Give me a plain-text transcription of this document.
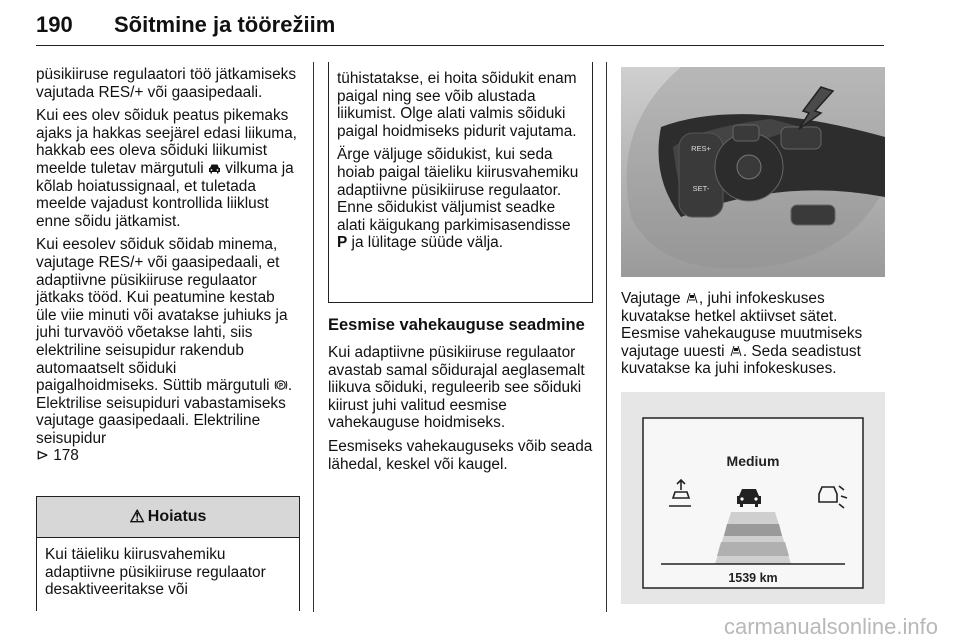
190 Sõitmine ja töörežiim

püsikiiruse regulaatori töö jätkamiseks vajutada RES/+ või gaasipedaali.

Kui ees olev sõiduk peatus pikemaks ajaks ja hakkas seejärel edasi liikuma, hakkab ees oleva sõiduki liikumist meelde tuletav märgutuli vilkuma ja kõlab hoiatussignaal, et tuletada meelde vajadust kontrollida liiklust enne sõidu jätkamist.

Kui eesolev sõiduk sõidab minema, vajutage RES/+ või gaasipedaali, et adaptiivne püsikiiruse regulaator jätkaks tööd. Kui peatumine kestab üle viie minuti või avatakse juhiuks ja juhi turvavöö võetakse lahti, siis elektriline seisupidur rakendub automaatselt sõiduki paigalhoidmiseks. Süttib märgutuli P . Elektrilise seisupiduri vabastamiseks vajutage gaasipedaali. Elektriline seisupidur
⊳ 178

⚠ Hoiatus
Kui täieliku kiirusvahemiku adaptiivne püsikiiruse regulaator desaktiveeritakse või

tühistatakse, ei hoita sõidukit enam paigal ning see võib alustada liikumist. Olge alati valmis sõiduki paigal hoidmiseks pidurit vajutama.

Ärge väljuge sõidukist, kui seda hoiab paigal täieliku kiirusvahemiku adaptiivne püsikiiruse regulaator. Enne sõidukist väljumist seadke alati käigukang parkimisasendisse P ja lülitage süüde välja.

Eesmise vahekauguse seadmine

Kui adaptiivne püsikiiruse regulaator avastab samal sõidurajal aeglasemalt liikuva sõiduki, reguleerib see sõiduki kiirust juhi valitud eesmise vahekauguse hoidmiseks.

Eesmiseks vahekauguseks võib seada lähedal, keskel või kaugel.

RES+
SET-

Vajutage , juhi infokeskuses kuvatakse hetkel aktiivset sätet. Eesmise vahekauguse muutmiseks vajutage uuesti . Seda seadistust kuvatakse ka juhi infokeskuses.

Medium
1539 km
carmanualsonline.info
